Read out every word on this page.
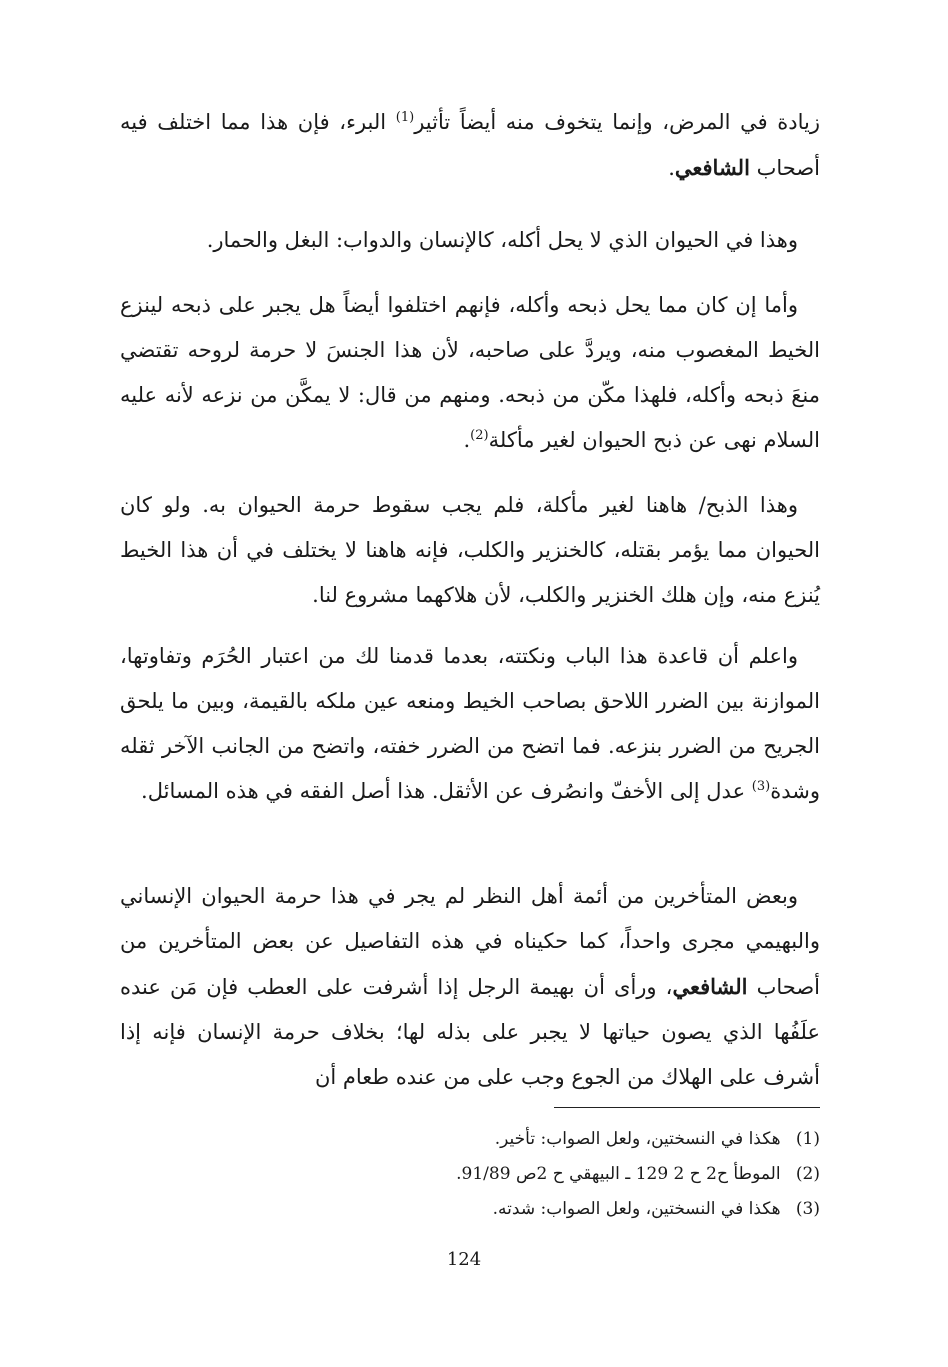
زيادة في المرض، وإنما يتخوف منه أيضاً تأثير$^{(1)}$ البرء، فإن هذا مما اختلف فيه أصحاب الشافعي.

وهذا في الحيوان الذي لا يحل أكله، كالإنسان والدواب: البغل والحمار.

وأما إن كان مما يحل ذبحه وأكله، فإنهم اختلفوا أيضاً هل يجبر على ذبحه لينزع الخيط المغصوب منه، ويردَّ على صاحبه، لأن هذا الجنسَ لا حرمة لروحه تقتضي منعَ ذبحه وأكله، فلهذا مكّن من ذبحه. ومنهم من قال: لا يمكَّن من نزعه لأنه عليه السلام نهى عن ذبح الحيوان لغير مأكلة$^{(2)}$.

وهذا الذبح/ هاهنا لغير مأكلة، فلم يجب سقوط حرمة الحيوان به. ولو كان الحيوان مما يؤمر بقتله، كالخنزير والكلب، فإنه هاهنا لا يختلف في أن هذا الخيط يُنزع منه، وإن هلك الخنزير والكلب، لأن هلاكهما مشروع لنا.

واعلم أن قاعدة هذا الباب ونكتته، بعدما قدمنا لك من اعتبار الحُرَم وتفاوتها، الموازنة بين الضرر اللاحق بصاحب الخيط ومنعه عين ملكه بالقيمة، وبين ما يلحق الجريح من الضرر بنزعه. فما اتضح من الضرر خفته، واتضح من الجانب الآخر ثقله وشدة$^{(3)}$ عدل إلى الأخفّ وانصُرف عن الأثقل. هذا أصل الفقه في هذه المسائل.

وبعض المتأخرين من أئمة أهل النظر لم يجر في هذا حرمة الحيوان الإنساني والبهيمي مجرى واحداً، كما حكيناه في هذه التفاصيل عن بعض المتأخرين من أصحاب الشافعي، ورأى أن بهيمة الرجل إذا أشرفت على العطب فإن مَن عنده علَفُها الذي يصون حياتها لا يجبر على بذله لها؛ بخلاف حرمة الإنسان فإنه إذا أشرف على الهلاك من الجوع وجب على من عنده طعام أن

(1) هكذا في النسختين، ولعل الصواب: تأخير.
(2) الموطأ ح2 ح 2 129 ـ البيهقي ح 2ص 91/89.
(3) هكذا في النسختين، ولعل الصواب: شدته.
124
